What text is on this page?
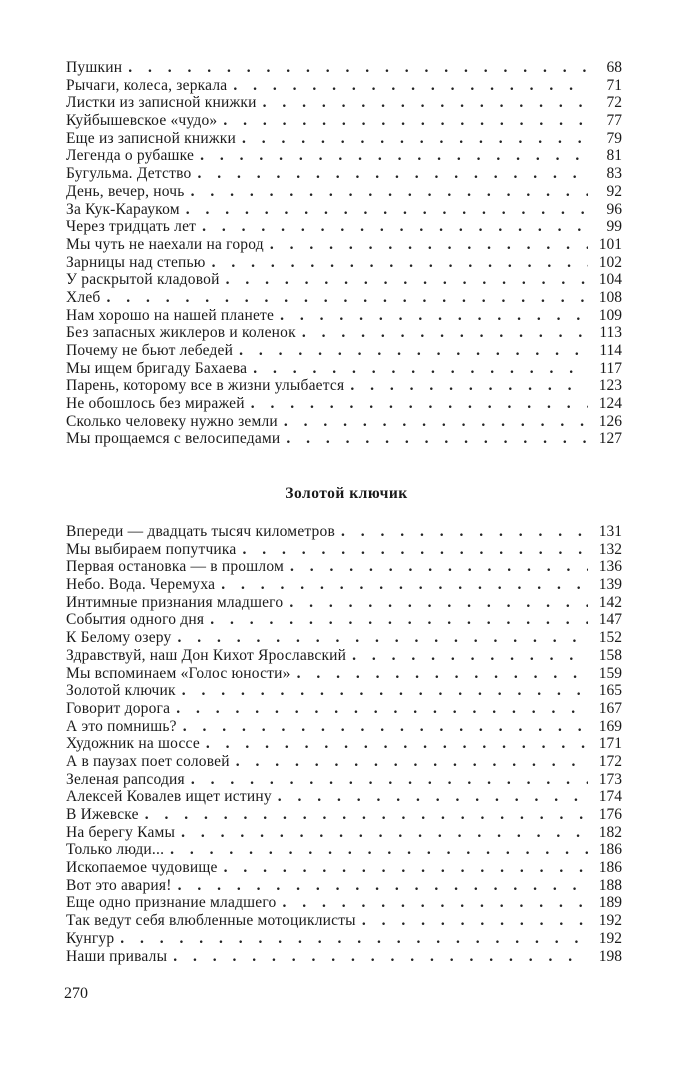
Пушкин . . .	68
Рычаги, колеса, зеркала . . .	71
Листки из записной книжки . . .	72
Куйбышевское «чудо» . . .	77
Еще из записной книжки . . .	79
Легенда о рубашке . . .	81
Бугульма. Детство . . .	83
День, вечер, ночь . . .	92
За Кук-Карауком . . .	96
Через тридцать лет . . .	99
Мы чуть не наехали на город . . .	101
Зарницы над степью . . .	102
У раскрытой кладовой . . .	104
Хлеб . . .	108
Нам хорошо на нашей планете . . .	109
Без запасных жиклеров и коленок . . .	113
Почему не бьют лебедей . . .	114
Мы ищем бригаду Бахаева . . .	117
Парень, которому все в жизни улыбается . . .	123
Не обошлось без миражей . . .	124
Сколько человеку нужно земли . . .	126
Мы прощаемся с велосипедами . . .	127
Золотой ключик
Впереди — двадцать тысяч километров . . .	131
Мы выбираем попутчика . . .	132
Первая остановка — в прошлом . . .	136
Небо. Вода. Черемуха . . .	139
Интимные признания младшего . . .	142
События одного дня . . .	147
К Белому озеру . . .	152
Здравствуй, наш Дон Кихот Ярославский . . .	158
Мы вспоминаем «Голос юности» . . .	159
Золотой ключик . . .	165
Говорит дорога . . .	167
А это помнишь? . . .	169
Художник на шоссе . . .	171
А в паузах поет соловей . . .	172
Зеленая рапсодия . . .	173
Алексей Ковалев ищет истину . . .	174
В Ижевске . . .	176
На берегу Камы . . .	182
Только люди... . . .	186
Ископаемое чудовище . . .	186
Вот это авария! . . .	188
Еще одно признание младшего . . .	189
Так ведут себя влюбленные мотоциклисты . . .	192
Кунгур . . .	192
Наши привалы . . .	198
270
